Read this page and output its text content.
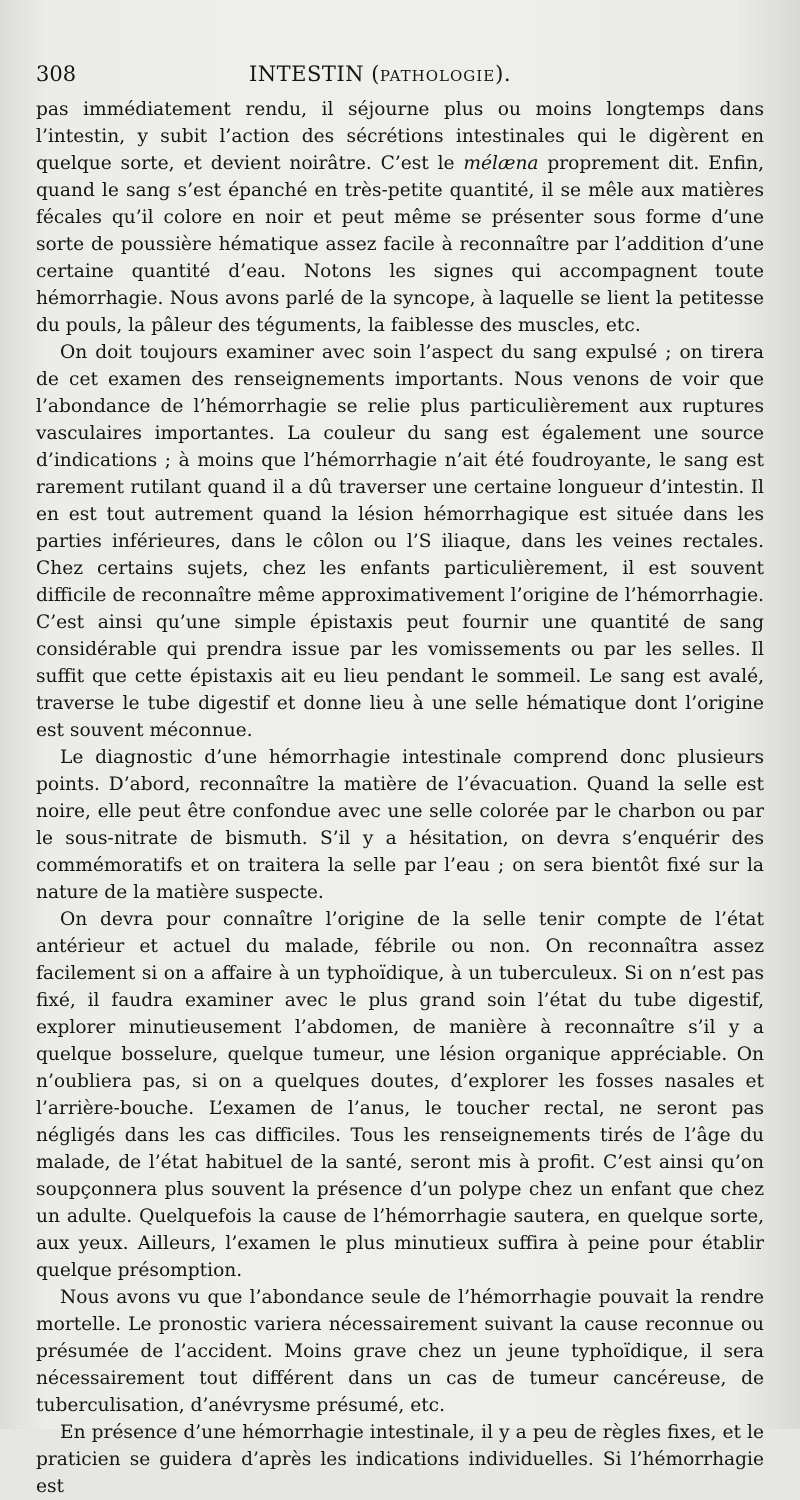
308	INTESTIN (PATHOLOGIE).

pas immédiatement rendu, il séjourne plus ou moins longtemps dans l’intestin, y subit l’action des sécrétions intestinales qui le digèrent en quelque sorte, et devient noirâtre. C’est le mélæna proprement dit. Enfin, quand le sang s’est épanché en très-petite quantité, il se mêle aux matières fécales qu’il colore en noir et peut même se présenter sous forme d’une sorte de poussière hématique assez facile à reconnaître par l’addition d’une certaine quantité d’eau. Notons les signes qui accompagnent toute hémorrhagie. Nous avons parlé de la syncope, à laquelle se lient la petitesse du pouls, la pâleur des téguments, la faiblesse des muscles, etc.

On doit toujours examiner avec soin l’aspect du sang expulsé ; on tirera de cet examen des renseignements importants. Nous venons de voir que l’abondance de l’hémorrhagie se relie plus particulièrement aux ruptures vasculaires importantes. La couleur du sang est également une source d’indications ; à moins que l’hémorrhagie n’ait été foudroyante, le sang est rarement rutilant quand il a dû traverser une certaine longueur d’intestin. Il en est tout autrement quand la lésion hémorrhagique est située dans les parties inférieures, dans le côlon ou l’S iliaque, dans les veines rectales. Chez certains sujets, chez les enfants particulièrement, il est souvent difficile de reconnaître même approximativement l’origine de l’hémorrhagie. C’est ainsi qu’une simple épistaxis peut fournir une quantité de sang considérable qui prendra issue par les vomissements ou par les selles. Il suffit que cette épistaxis ait eu lieu pendant le sommeil. Le sang est avalé, traverse le tube digestif et donne lieu à une selle hématique dont l’origine est souvent méconnue.

Le diagnostic d’une hémorrhagie intestinale comprend donc plusieurs points. D’abord, reconnaître la matière de l’évacuation. Quand la selle est noire, elle peut être confondue avec une selle colorée par le charbon ou par le sous-nitrate de bismuth. S’il y a hésitation, on devra s’enquérir des commémoratifs et on traitera la selle par l’eau ; on sera bientôt fixé sur la nature de la matière suspecte.

On devra pour connaître l’origine de la selle tenir compte de l’état antérieur et actuel du malade, fébrile ou non. On reconnaîtra assez facilement si on a affaire à un typhoïdique, à un tuberculeux. Si on n’est pas fixé, il faudra examiner avec le plus grand soin l’état du tube digestif, explorer minutieusement l’abdomen, de manière à reconnaître s’il y a quelque bosselure, quelque tumeur, une lésion organique appréciable. On n’oubliera pas, si on a quelques doutes, d’explorer les fosses nasales et l’arrière-bouche. L’examen de l’anus, le toucher rectal, ne seront pas négligés dans les cas difficiles. Tous les renseignements tirés de l’âge du malade, de l’état habituel de la santé, seront mis à profit. C’est ainsi qu’on soupçonnera plus souvent la présence d’un polype chez un enfant que chez un adulte. Quelquefois la cause de l’hémorrhagie sautera, en quelque sorte, aux yeux. Ailleurs, l’examen le plus minutieux suffira à peine pour établir quelque présomption.

Nous avons vu que l’abondance seule de l’hémorrhagie pouvait la rendre mortelle. Le pronostic variera nécessairement suivant la cause reconnue ou présumée de l’accident. Moins grave chez un jeune typhoïdique, il sera nécessairement tout différent dans un cas de tumeur cancéreuse, de tuberculisation, d’anévrysme présumé, etc.

En présence d’une hémorrhagie intestinale, il y a peu de règles fixes, et le praticien se guidera d’après les indications individuelles. Si l’hémorrhagie est
